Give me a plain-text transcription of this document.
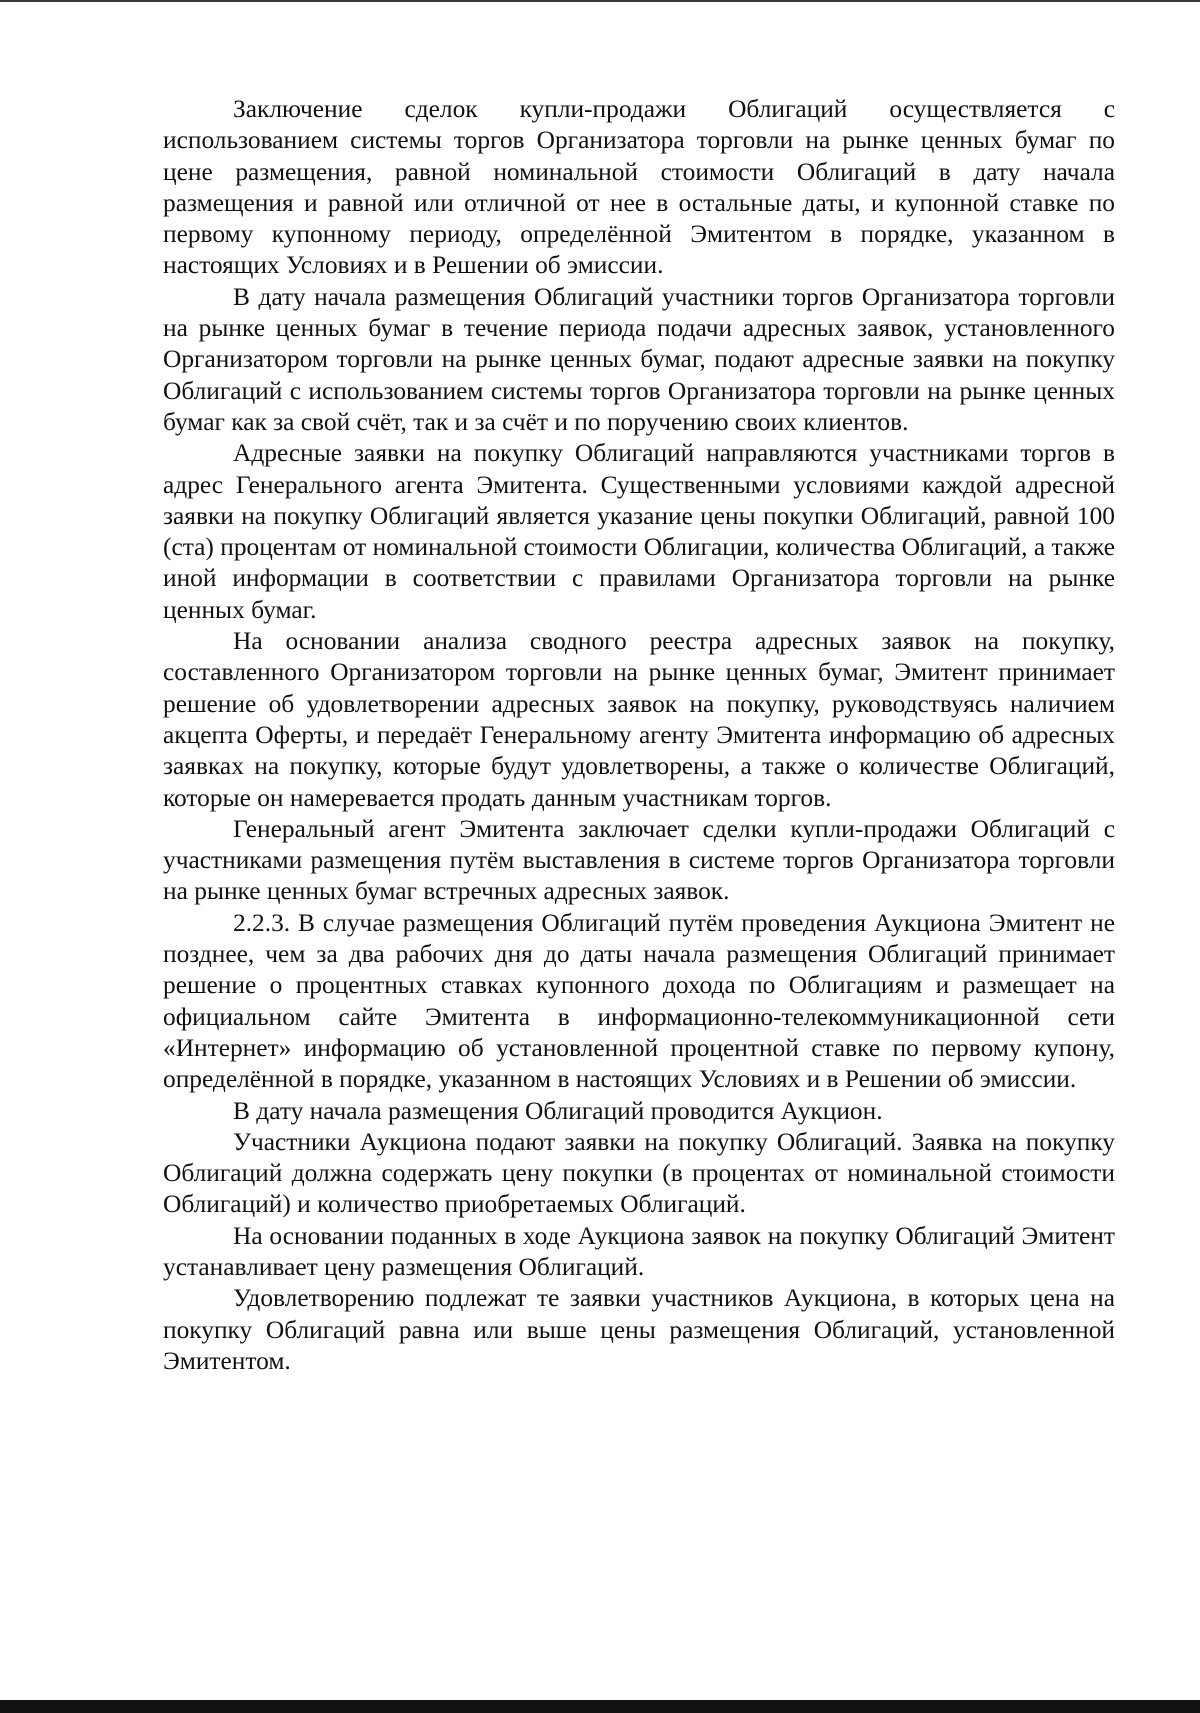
Заключение сделок купли-продажи Облигаций осуществляется с использованием системы торгов Организатора торговли на рынке ценных бумаг по цене размещения, равной номинальной стоимости Облигаций в дату начала размещения и равной или отличной от нее в остальные даты, и купонной ставке по первому купонному периоду, определённой Эмитентом в порядке, указанном в настоящих Условиях и в Решении об эмиссии.

В дату начала размещения Облигаций участники торгов Организатора торговли на рынке ценных бумаг в течение периода подачи адресных заявок, установленного Организатором торговли на рынке ценных бумаг, подают адресные заявки на покупку Облигаций с использованием системы торгов Организатора торговли на рынке ценных бумаг как за свой счёт, так и за счёт и по поручению своих клиентов.

Адресные заявки на покупку Облигаций направляются участниками торгов в адрес Генерального агента Эмитента. Существенными условиями каждой адресной заявки на покупку Облигаций является указание цены покупки Облигаций, равной 100 (ста) процентам от номинальной стоимости Облигации, количества Облигаций, а также иной информации в соответствии с правилами Организатора торговли на рынке ценных бумаг.

На основании анализа сводного реестра адресных заявок на покупку, составленного Организатором торговли на рынке ценных бумаг, Эмитент принимает решение об удовлетворении адресных заявок на покупку, руководствуясь наличием акцепта Оферты, и передаёт Генеральному агенту Эмитента информацию об адресных заявках на покупку, которые будут удовлетворены, а также о количестве Облигаций, которые он намеревается продать данным участникам торгов.

Генеральный агент Эмитента заключает сделки купли-продажи Облигаций с участниками размещения путём выставления в системе торгов Организатора торговли на рынке ценных бумаг встречных адресных заявок.

2.2.3. В случае размещения Облигаций путём проведения Аукциона Эмитент не позднее, чем за два рабочих дня до даты начала размещения Облигаций принимает решение о процентных ставках купонного дохода по Облигациям и размещает на официальном сайте Эмитента в информационно-телекоммуникационной сети «Интернет» информацию об установленной процентной ставке по первому купону, определённой в порядке, указанном в настоящих Условиях и в Решении об эмиссии.

В дату начала размещения Облигаций проводится Аукцион.

Участники Аукциона подают заявки на покупку Облигаций. Заявка на покупку Облигаций должна содержать цену покупки (в процентах от номинальной стоимости Облигаций) и количество приобретаемых Облигаций.

На основании поданных в ходе Аукциона заявок на покупку Облигаций Эмитент устанавливает цену размещения Облигаций.

Удовлетворению подлежат те заявки участников Аукциона, в которых цена на покупку Облигаций равна или выше цены размещения Облигаций, установленной Эмитентом.
